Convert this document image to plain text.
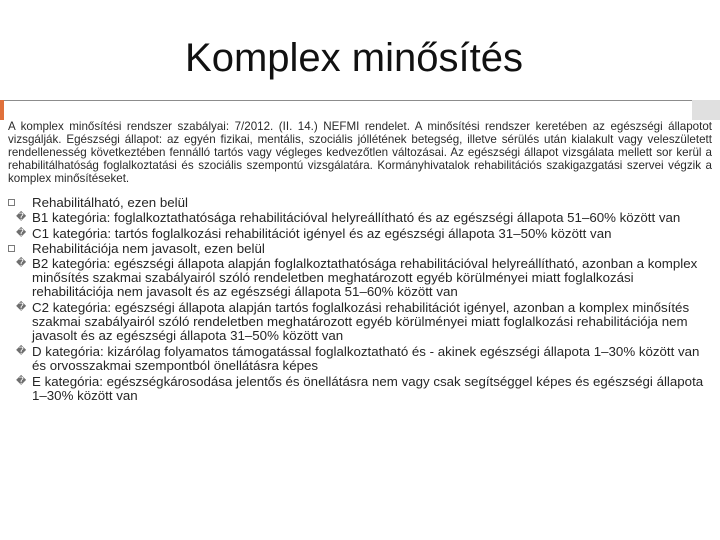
Komplex minősítés
A komplex minősítési rendszer szabályai: 7/2012. (II. 14.) NEFMI rendelet. A minősítési rendszer keretében az egészségi állapotot vizsgálják. Egészségi állapot: az egyén fizikai, mentális, szociális jóllétének betegség, illetve sérülés után kialakult vagy veleszületett rendellenesség következtében fennálló tartós vagy végleges kedvezőtlen változásai. Az egészségi állapot vizsgálata mellett sor kerül a rehabilitálhatóság foglalkoztatási és szociális szempontú vizsgálatára. Kormányhivatalok rehabilitációs szakigazgatási szervei végzik a komplex minősítéseket.
Rehabilitálható, ezen belül
� B1 kategória: foglalkoztathatósága rehabilitációval helyreállítható és az egészségi állapota 51–60% között van
� C1 kategória: tartós foglalkozási rehabilitációt igényel és az egészségi állapota 31–50% között van
Rehabilitációja nem javasolt, ezen belül
� B2 kategória: egészségi állapota alapján foglalkoztathatósága rehabilitációval helyreállítható, azonban a komplex minősítés szakmai szabályairól szóló rendeletben meghatározott egyéb körülményei miatt foglalkozási rehabilitációja nem javasolt és az egészségi állapota 51–60% között van
� C2 kategória: egészségi állapota alapján tartós foglalkozási rehabilitációt igényel, azonban a komplex minősítés szakmai szabályairól szóló rendeletben meghatározott egyéb körülményei miatt foglalkozási rehabilitációja nem javasolt és az egészségi állapota 31–50% között van
� D kategória: kizárólag folyamatos támogatással foglalkoztatható és - akinek egészségi állapota 1–30% között van és orvosszakmai szempontból önellátásra képes
� E kategória: egészségkárosodása jelentős és önellátásra nem vagy csak segítséggel képes és egészségi állapota 1–30% között van
